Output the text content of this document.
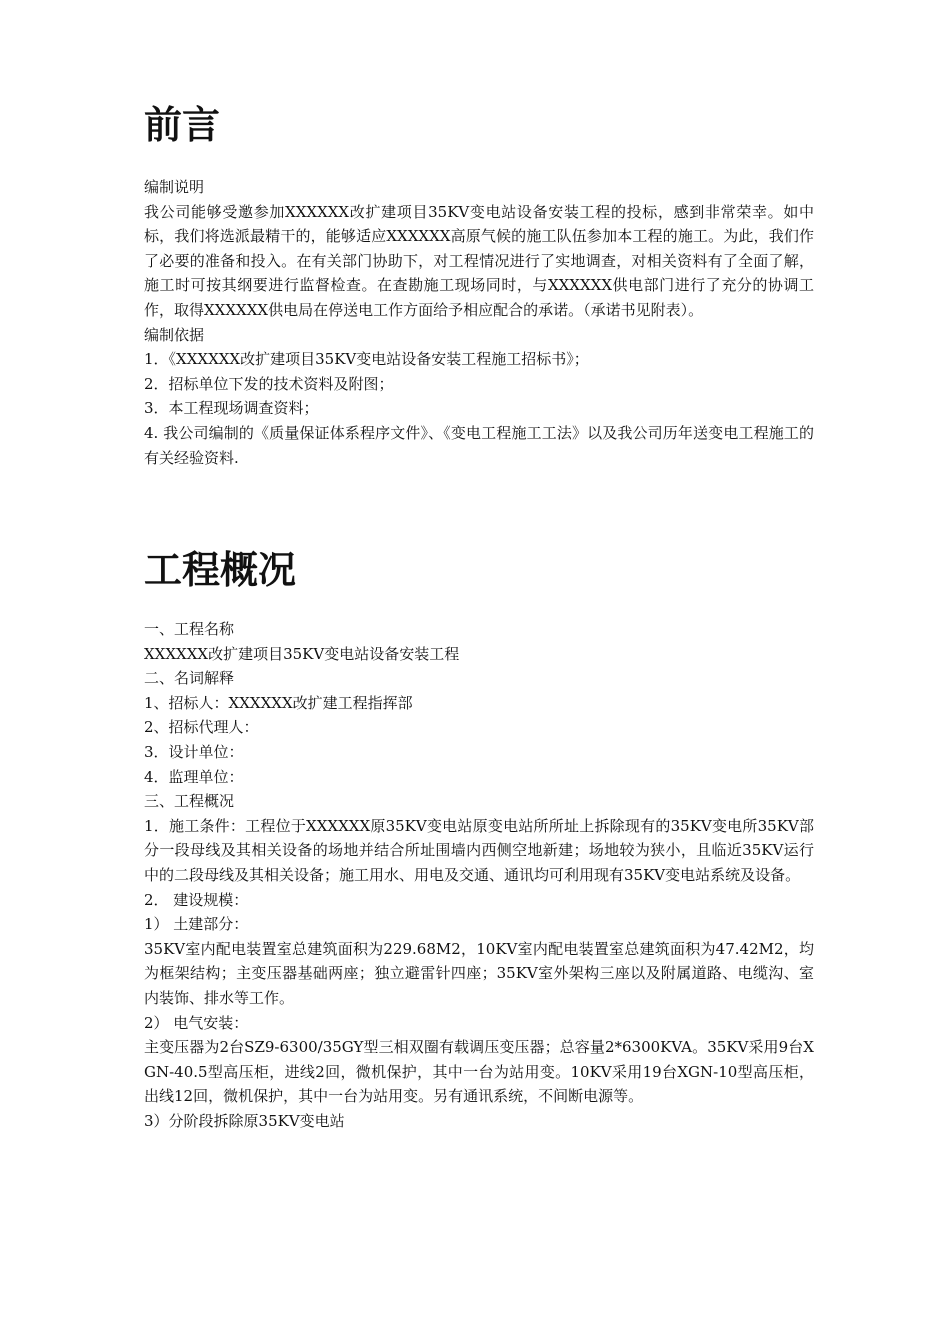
前言

编制说明

我公司能够受邀参加XXXXXX改扩建项目35KV变电站设备安装工程的投标，感到非常荣幸。如中标，我们将选派最精干的，能够适应XXXXXX高原气候的施工队伍参加本工程的施工。为此，我们作了必要的准备和投入。在有关部门协助下，对工程情况进行了实地调查，对相关资料有了全面了解，施工时可按其纲要进行监督检查。在查勘施工现场同时，与XXXXXX供电部门进行了充分的协调工作，取得XXXXXX供电局在停送电工作方面给予相应配合的承诺。（承诺书见附表）。

编制依据

1．《XXXXXX改扩建项目35KV变电站设备安装工程施工招标书》；

2．招标单位下发的技术资料及附图；

3．本工程现场调查资料；

4. 我公司编制的《质量保证体系程序文件》、《变电工程施工工法》以及我公司历年送变电工程施工的有关经验资料.

工程概况

一、工程名称

XXXXXX改扩建项目35KV变电站设备安装工程

二、名词解释

1、招标人：XXXXXX改扩建工程指挥部

2、招标代理人：

3．设计单位：

4．监理单位：

三、工程概况

1．施工条件：工程位于XXXXXX原35KV变电站原变电站所所址上拆除现有的35KV变电所35KV部分一段母线及其相关设备的场地并结合所址围墙内西侧空地新建；场地较为狭小，且临近35KV运行中的二段母线及其相关设备；施工用水、用电及交通、通讯均可利用现有35KV变电站系统及设备。

2． 建设规模：

1） 土建部分：

35KV室内配电装置室总建筑面积为229.68M2，10KV室内配电装置室总建筑面积为47.42M2，均为框架结构；主变压器基础两座；独立避雷针四座；35KV室外架构三座以及附属道路、电缆沟、室内装饰、排水等工作。

2） 电气安装：

主变压器为2台SZ9-6300/35GY型三相双圈有载调压变压器；总容量2*6300KVA。35KV采用9台XGN-40.5型高压柜，进线2回，微机保护，其中一台为站用变。10KV采用19台XGN-10型高压柜，出线12回，微机保护，其中一台为站用变。另有通讯系统，不间断电源等。

3）分阶段拆除原35KV变电站
